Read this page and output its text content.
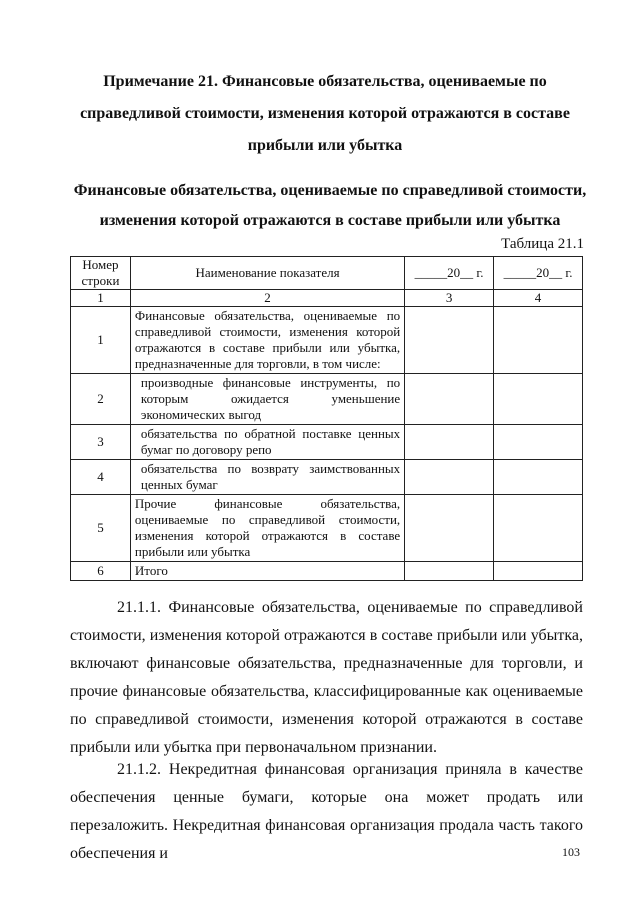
Примечание 21. Финансовые обязательства, оцениваемые по справедливой стоимости, изменения которой отражаются в составе прибыли или убытка
Финансовые обязательства, оцениваемые по справедливой стоимости, изменения которой отражаются в составе прибыли или убытка
Таблица 21.1
Номер строки	Наименование показателя	_____20__ г.	_____20__ г.
1	2	3	4
1	Финансовые обязательства, оцениваемые по справедливой стоимости, изменения которой отражаются в составе прибыли или убытка, предназначенные для торговли, в том числе:		
2	производные финансовые инструменты, по которым ожидается уменьшение экономических выгод		
3	обязательства по обратной поставке ценных бумаг по договору репо		
4	обязательства по возврату заимствованных ценных бумаг		
5	Прочие финансовые обязательства, оцениваемые по справедливой стоимости, изменения которой отражаются в составе прибыли или убытка		
6	Итого		
21.1.1. Финансовые обязательства, оцениваемые по справедливой стоимости, изменения которой отражаются в составе прибыли или убытка, включают финансовые обязательства, предназначенные для торговли, и прочие финансовые обязательства, классифицированные как оцениваемые по справедливой стоимости, изменения которой отражаются в составе прибыли или убытка при первоначальном признании.
21.1.2. Некредитная финансовая организация приняла в качестве обеспечения ценные бумаги, которые она может продать или перезаложить. Некредитная финансовая организация продала часть такого обеспечения и	103
